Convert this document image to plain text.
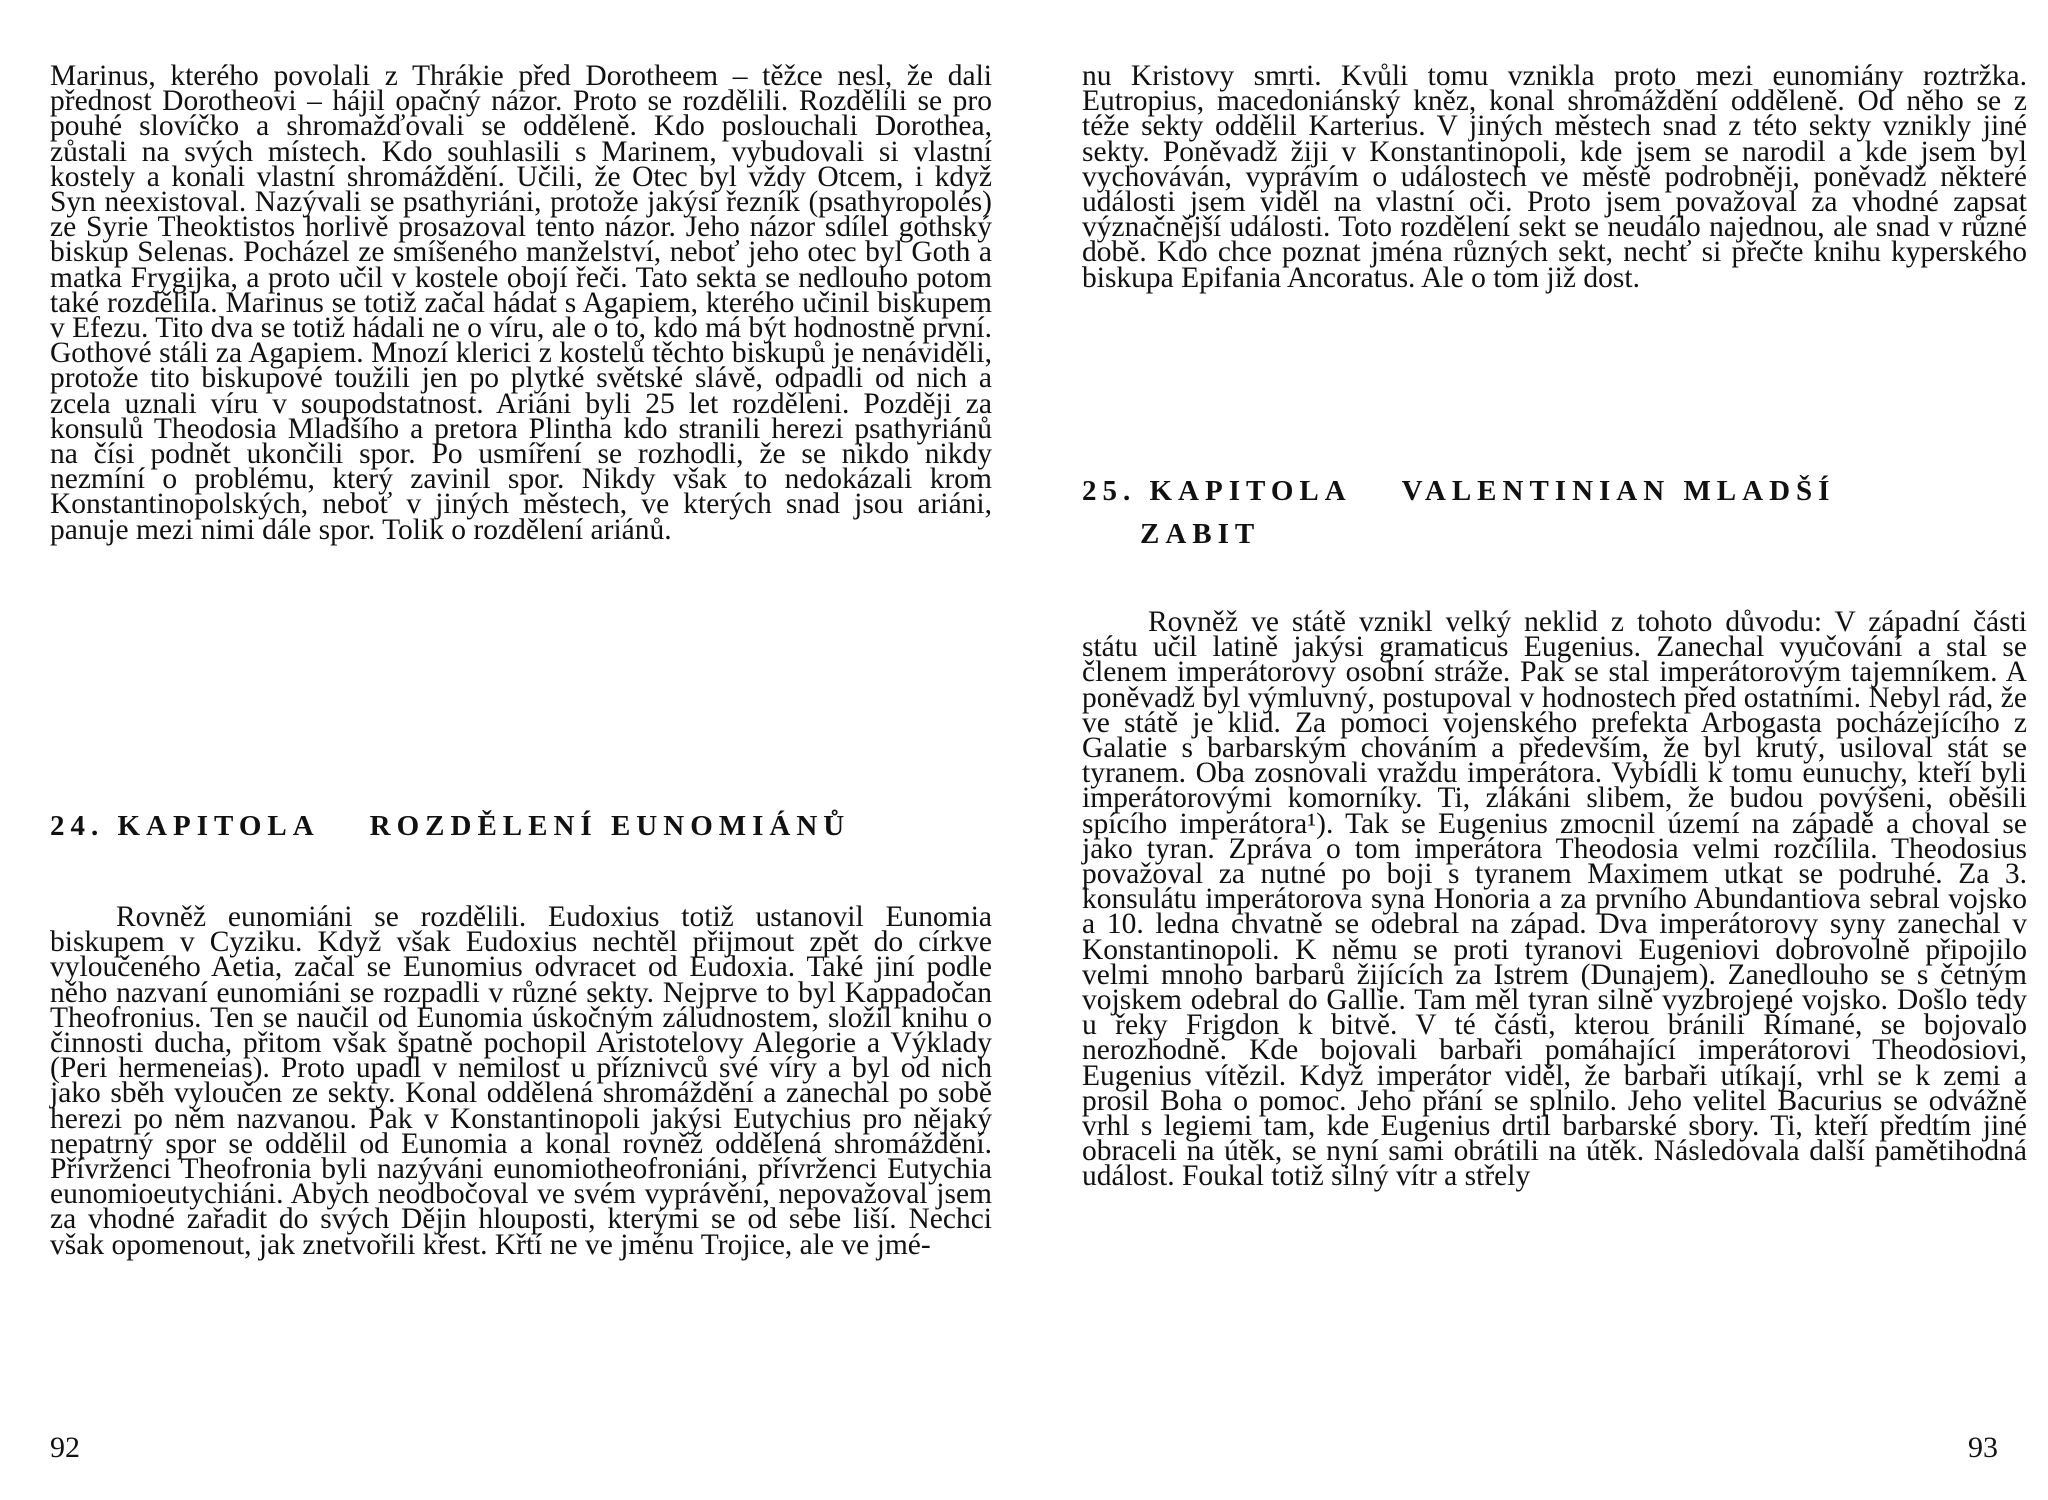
Marinus, kterého povolali z Thrákie před Dorotheem – těžce nesl, že dali přednost Dorotheovi – hájil opačný názor. Proto se rozdělili. Rozdělili se pro pouhé slovíčko a shromažďovali se odděleně. Kdo poslouchali Dorothea, zůstali na svých místech. Kdo souhlasili s Marinem, vybudovali si vlastní kostely a konali vlastní shromáždění. Učili, že Otec byl vždy Otcem, i když Syn neexistoval. Nazývali se psathyriáni, protože jakýsi řezník (psathyropolés) ze Syrie Theoktistos horlivě prosazoval tento názor. Jeho názor sdílel gothský biskup Selenas. Pocházel ze smíšeného manželství, neboť jeho otec byl Goth a matka Frygijka, a proto učil v kostele obojí řeči. Tato sekta se nedlouho potom také rozdělila. Marinus se totiž začal hádat s Agapiem, kterého učinil biskupem v Efezu. Tito dva se totiž hádali ne o víru, ale o to, kdo má být hodnostně první. Gothové stáli za Agapiem. Mnozí klerici z kostelů těchto biskupů je nenáviděli, protože tito biskupové toužili jen po plytké světské slávě, odpadli od nich a zcela uznali víru v soupodstatnost. Ariáni byli 25 let rozděleni. Později za konsulů Theodosia Mladšího a pretora Plintha kdo stranili herezi psathyriánů na čísi podnět ukončili spor. Po usmíření se rozhodli, že se nikdo nikdy nezmíní o problému, který zavinil spor. Nikdy však to nedokázali krom Konstantinopolských, neboť v jiných městech, ve kterých snad jsou ariáni, panuje mezi nimi dále spor. Tolik o rozdělení ariánů.

24. KAPITOLA ROZDĚLENÍ EUNOMIÁNŮ

Rovněž eunomiáni se rozdělili. Eudoxius totiž ustanovil Eunomia biskupem v Cyziku. Když však Eudoxius nechtěl přijmout zpět do církve vyloučeného Aetia, začal se Eunomius odvracet od Eudoxia. Také jiní podle něho nazvaní eunomiáni se rozpadli v různé sekty. Nejprve to byl Kappadočan Theofronius. Ten se naučil od Eunomia úskočným záludnostem, složil knihu o činnosti ducha, přitom však špatně pochopil Aristotelovy Alegorie a Výklady (Peri hermeneias). Proto upadl v nemilost u příznivců své víry a byl od nich jako sběh vyloučen ze sekty. Konal oddělená shromáždění a zanechal po sobě herezi po něm nazvanou. Pak v Konstantinopoli jakýsi Eutychius pro nějaký nepatrný spor se oddělil od Eunomia a konal rovněž oddělená shromáždění. Přívrženci Theofronia byli nazýváni eunomiotheofroniáni, přívrženci Eutychia eunomioeutychiáni. Abych neodbočoval ve svém vyprávění, nepovažoval jsem za vhodné zařadit do svých Dějin hlouposti, kterými se od sebe liší. Nechci však opomenout, jak znetvořili křest. Křtí ne ve jménu Trojice, ale ve jmé-

92

nu Kristovy smrti. Kvůli tomu vznikla proto mezi eunomiány roztržka. Eutropius, macedoniánský kněz, konal shromáždění odděleně. Od něho se z téže sekty oddělil Karterius. V jiných městech snad z této sekty vznikly jiné sekty. Poněvadž žiji v Konstantinopoli, kde jsem se narodil a kde jsem byl vychováván, vyprávím o událostech ve městě podrobněji, poněvadž některé události jsem viděl na vlastní oči. Proto jsem považoval za vhodné zapsat význačnější události. Toto rozdělení sekt se neudálo najednou, ale snad v různé době. Kdo chce poznat jména různých sekt, nechť si přečte knihu kyperského biskupa Epifania Ancoratus. Ale o tom již dost.

25. KAPITOLA VALENTINIAN MLADŠÍ
ZABIT

Rovněž ve státě vznikl velký neklid z tohoto důvodu: V západní části státu učil latině jakýsi gramaticus Eugenius. Zanechal vyučování a stal se členem imperátorovy osobní stráže. Pak se stal imperátorovým tajemníkem. A poněvadž byl výmluvný, postupoval v hodnostech před ostatními. Nebyl rád, že ve státě je klid. Za pomoci vojenského prefekta Arbogasta pocházejícího z Galatie s barbarským chováním a především, že byl krutý, usiloval stát se tyranem. Oba zosnovali vraždu imperátora. Vybídli k tomu eunuchy, kteří byli imperátorovými komorníky. Ti, zlákáni slibem, že budou povýšeni, oběsili spícího imperátora¹). Tak se Eugenius zmocnil území na západě a choval se jako tyran. Zpráva o tom imperátora Theodosia velmi rozčílila. Theodosius považoval za nutné po boji s tyranem Maximem utkat se podruhé. Za 3. konsulátu imperátorova syna Honoria a za prvního Abundantiova sebral vojsko a 10. ledna chvatně se odebral na západ. Dva imperátorovy syny zanechal v Konstantinopoli. K němu se proti tyranovi Eugeniovi dobrovolně připojilo velmi mnoho barbarů žijících za Istrem (Dunajem). Zanedlouho se s četným vojskem odebral do Gallie. Tam měl tyran silně vyzbrojené vojsko. Došlo tedy u řeky Frigdon k bitvě. V té části, kterou bránili Římané, se bojovalo nerozhodně. Kde bojovali barbaři pomáhající imperátorovi Theodosiovi, Eugenius vítězil. Když imperátor viděl, že barbaři utíkají, vrhl se k zemi a prosil Boha o pomoc. Jeho přání se splnilo. Jeho velitel Bacurius se odvážně vrhl s legiemi tam, kde Eugenius drtil barbarské sbory. Ti, kteří předtím jiné obraceli na útěk, se nyní sami obrátili na útěk. Následovala další pamětihodná událost. Foukal totiž silný vítr a střely

93
